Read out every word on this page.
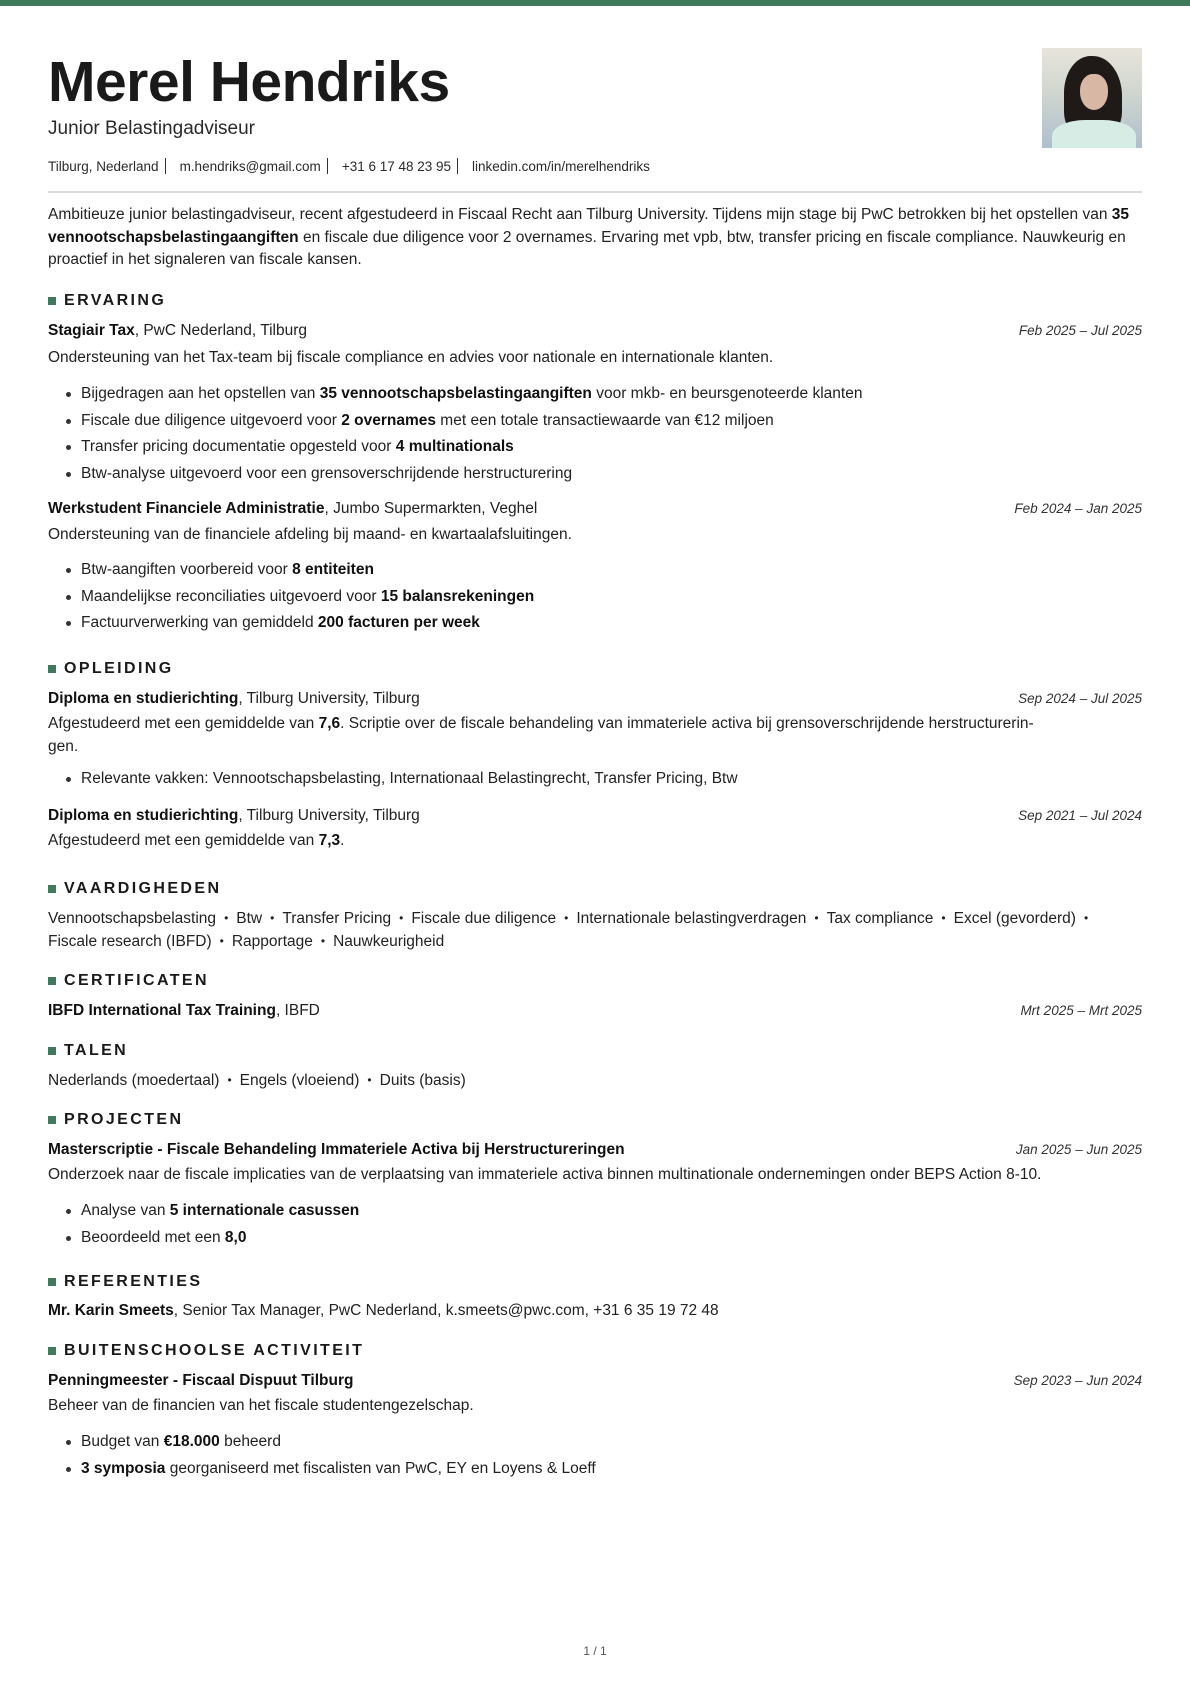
Merel Hendriks
Junior Belastingadviseur
Tilburg, Nederland m.hendriks@gmail.com +31 6 17 48 23 95 linkedin.com/in/merelhendriks
Ambitieuze junior belastingadviseur, recent afgestudeerd in Fiscaal Recht aan Tilburg University. Tijdens mijn stage bij PwC betrokken bij het opstellen van 35 vennootschapsbelastingaangiften en fiscale due diligence voor 2 overnames. Ervaring met vpb, btw, transfer pricing en fiscale compliance. Nauwkeurig en proactief in het signaleren van fiscale kansen.
ERVARING
Stagiair Tax, PwC Nederland, Tilburg	Feb 2025 – Jul 2025
Ondersteuning van het Tax-team bij fiscale compliance en advies voor nationale en internationale klanten.
Bijgedragen aan het opstellen van 35 vennootschapsbelastingaangiften voor mkb- en beursgenoteerde klanten
Fiscale due diligence uitgevoerd voor 2 overnames met een totale transactiewaarde van €12 miljoen
Transfer pricing documentatie opgesteld voor 4 multinationals
Btw-analyse uitgevoerd voor een grensoverschrijdende herstructurering
Werkstudent Financiele Administratie, Jumbo Supermarkten, Veghel	Feb 2024 – Jan 2025
Ondersteuning van de financiele afdeling bij maand- en kwartaalafsluitingen.
Btw-aangiften voorbereid voor 8 entiteiten
Maandelijkse reconciliaties uitgevoerd voor 15 balansrekeningen
Factuurverwerking van gemiddeld 200 facturen per week
OPLEIDING
Diploma en studierichting, Tilburg University, Tilburg	Sep 2024 – Jul 2025
Afgestudeerd met een gemiddelde van 7,6. Scriptie over de fiscale behandeling van immateriele activa bij grensoverschrijdende herstructurerin-
gen.
Relevante vakken: Vennootschapsbelasting, Internationaal Belastingrecht, Transfer Pricing, Btw
Diploma en studierichting, Tilburg University, Tilburg	Sep 2021 – Jul 2024
Afgestudeerd met een gemiddelde van 7,3.
VAARDIGHEDEN
Vennootschapsbelasting • Btw • Transfer Pricing • Fiscale due diligence • Internationale belastingverdragen • Tax compliance • Excel (gevorderd) •Fiscale research (IBFD) • Rapportage • Nauwkeurigheid
CERTIFICATEN
IBFD International Tax Training, IBFD	Mrt 2025 – Mrt 2025
TALEN
Nederlands (moedertaal) • Engels (vloeiend) • Duits (basis)
PROJECTEN
Masterscriptie - Fiscale Behandeling Immateriele Activa bij Herstructureringen	Jan 2025 – Jun 2025
Onderzoek naar de fiscale implicaties van de verplaatsing van immateriele activa binnen multinationale ondernemingen onder BEPS Action 8-10.
Analyse van 5 internationale casussen
Beoordeeld met een 8,0
REFERENTIES
Mr. Karin Smeets, Senior Tax Manager, PwC Nederland, k.smeets@pwc.com, +31 6 35 19 72 48
BUITENSCHOOLSE ACTIVITEIT
Penningmeester - Fiscaal Dispuut Tilburg	Sep 2023 – Jun 2024
Beheer van de financien van het fiscale studentengezelschap.
Budget van €18.000 beheerd
3 symposia georganiseerd met fiscalisten van PwC, EY en Loyens & Loeff
1 / 1
